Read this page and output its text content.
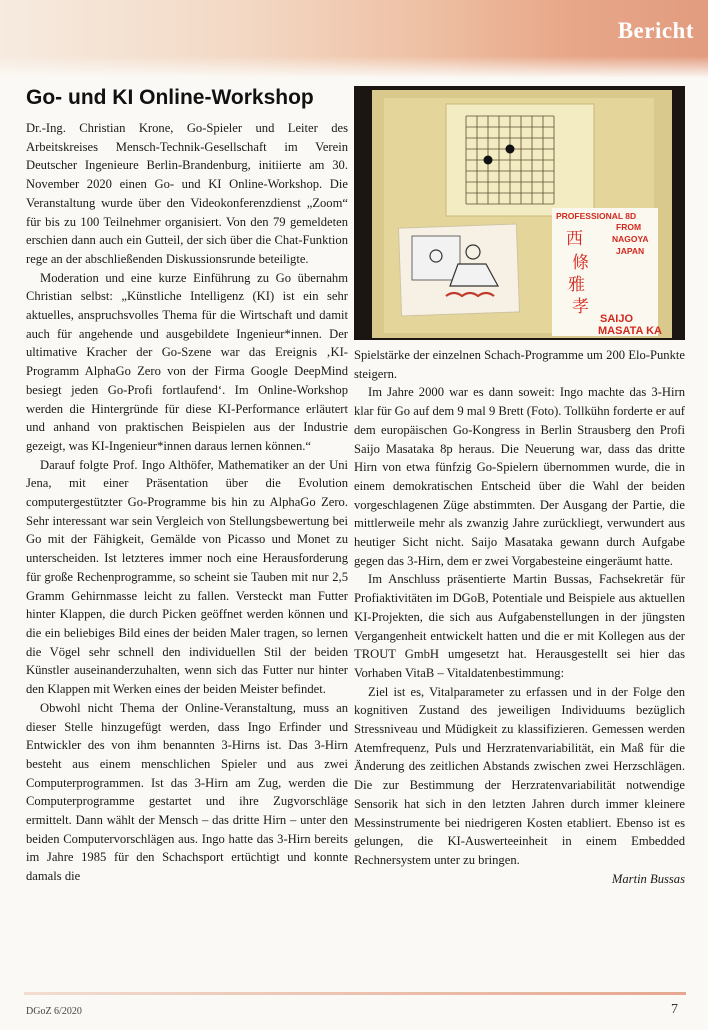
Bericht
Go- und KI Online-Workshop

Dr.-Ing. Christian Krone, Go-Spieler und Leiter des Arbeitskreises Mensch-Technik-Gesellschaft im Verein Deutscher Ingenieure Berlin-Brandenburg, initiierte am 30. November 2020 einen Go- und KI Online-Workshop. Die Veranstaltung wurde über den Videokonferenzdienst „Zoom“ für bis zu 100 Teilnehmer organisiert. Von den 79 gemeldeten erschien dann auch ein Gutteil, der sich über die Chat-Funktion rege an der abschließenden Diskussionsrunde beteiligte.

Moderation und eine kurze Einführung zu Go übernahm Christian selbst: „Künstliche Intelligenz (KI) ist ein sehr aktuelles, anspruchsvolles Thema für die Wirtschaft und damit auch für angehende und ausgebildete Ingenieur*innen. Der ultimative Kracher der Go-Szene war das Ereignis ‚KI-Programm AlphaGo Zero von der Firma Google DeepMind besiegt jeden Go-Profi fortlaufend‘. Im Online-Workshop werden die Hintergründe für diese KI-Performance erläutert und anhand von praktischen Beispielen aus der Industrie gezeigt, was KI-Ingenieur*innen daraus lernen können.“

Darauf folgte Prof. Ingo Althöfer, Mathematiker an der Uni Jena, mit einer Präsentation über die Evolution computergestützter Go-Programme bis hin zu AlphaGo Zero. Sehr interessant war sein Vergleich von Stellungsbewertung bei Go mit der Fähigkeit, Gemälde von Picasso und Monet zu unterscheiden. Ist letzteres immer noch eine Herausforderung für große Rechenprogramme, so scheint sie Tauben mit nur 2,5 Gramm Gehirnmasse leicht zu fallen. Versteckt man Futter hinter Klappen, die durch Picken geöffnet werden können und die ein beliebiges Bild eines der beiden Maler tragen, so lernen die Vögel sehr schnell den individuellen Stil der beiden Künstler auseinanderzuhalten, wenn sich das Futter nur hinter den Klappen mit Werken eines der beiden Meister befindet.

Obwohl nicht Thema der Online-Veranstaltung, muss an dieser Stelle hinzugefügt werden, dass Ingo Erfinder und Entwickler des von ihm benannten 3-Hirns ist. Das 3-Hirn besteht aus einem menschlichen Spieler und aus zwei Computerprogrammen. Ist das 3-Hirn am Zug, werden die Computerprogramme gestartet und ihre Zugvorschläge ermittelt. Dann wählt der Mensch – das dritte Hirn – unter den beiden Computervorschlägen aus. Ingo hatte das 3-Hirn bereits im Jahre 1985 für den Schachsport ertüchtigt und konnte damals die

PROFESSIONAL 8D
FROM
NAGOYA
JAPAN
西
條
雅
孝
SAIJO
MASATA KA

Spielstärke der einzelnen Schach-Programme um 200 Elo-Punkte steigern.

Im Jahre 2000 war es dann soweit: Ingo machte das 3-Hirn klar für Go auf dem 9 mal 9 Brett (Foto). Tollkühn forderte er auf dem europäischen Go-Kongress in Berlin Strausberg den Profi Saijo Masataka 8p heraus. Die Neuerung war, dass das dritte Hirn von etwa fünfzig Go-Spielern übernommen wurde, die in einem demokratischen Entscheid über die Wahl der beiden vorgeschlagenen Züge abstimmten. Der Ausgang der Partie, die mittlerweile mehr als zwanzig Jahre zurückliegt, verwundert aus heutiger Sicht nicht. Saijo Masataka gewann durch Aufgabe gegen das 3-Hirn, dem er zwei Vorgabesteine eingeräumt hatte.

Im Anschluss präsentierte Martin Bussas, Fachsekretär für Profiaktivitäten im DGoB, Potentiale und Beispiele aus aktuellen KI-Projekten, die sich aus Aufgabenstellungen in der jüngsten Vergangenheit entwickelt hatten und die er mit Kollegen aus der TROUT GmbH umgesetzt hat. Herausgestellt sei hier das Vorhaben VitaB – Vitaldatenbestimmung:

Ziel ist es, Vitalparameter zu erfassen und in der Folge den kognitiven Zustand des jeweiligen Individuums bezüglich Stressniveau und Müdigkeit zu klassifizieren. Gemessen werden Atemfrequenz, Puls und Herzratenvariabilität, ein Maß für die Änderung des zeitlichen Abstands zwischen zwei Herzschlägen. Die zur Bestimmung der Herzratenvariabilität notwendige Sensorik hat sich in den letzten Jahren durch immer kleinere Messinstrumente bei niedrigeren Kosten etabliert. Ebenso ist es gelungen, die KI-Auswerteeinheit in einem Embedded Rechnersystem unter zu bringen.

Martin Bussas

DGoZ 6/2020	7
